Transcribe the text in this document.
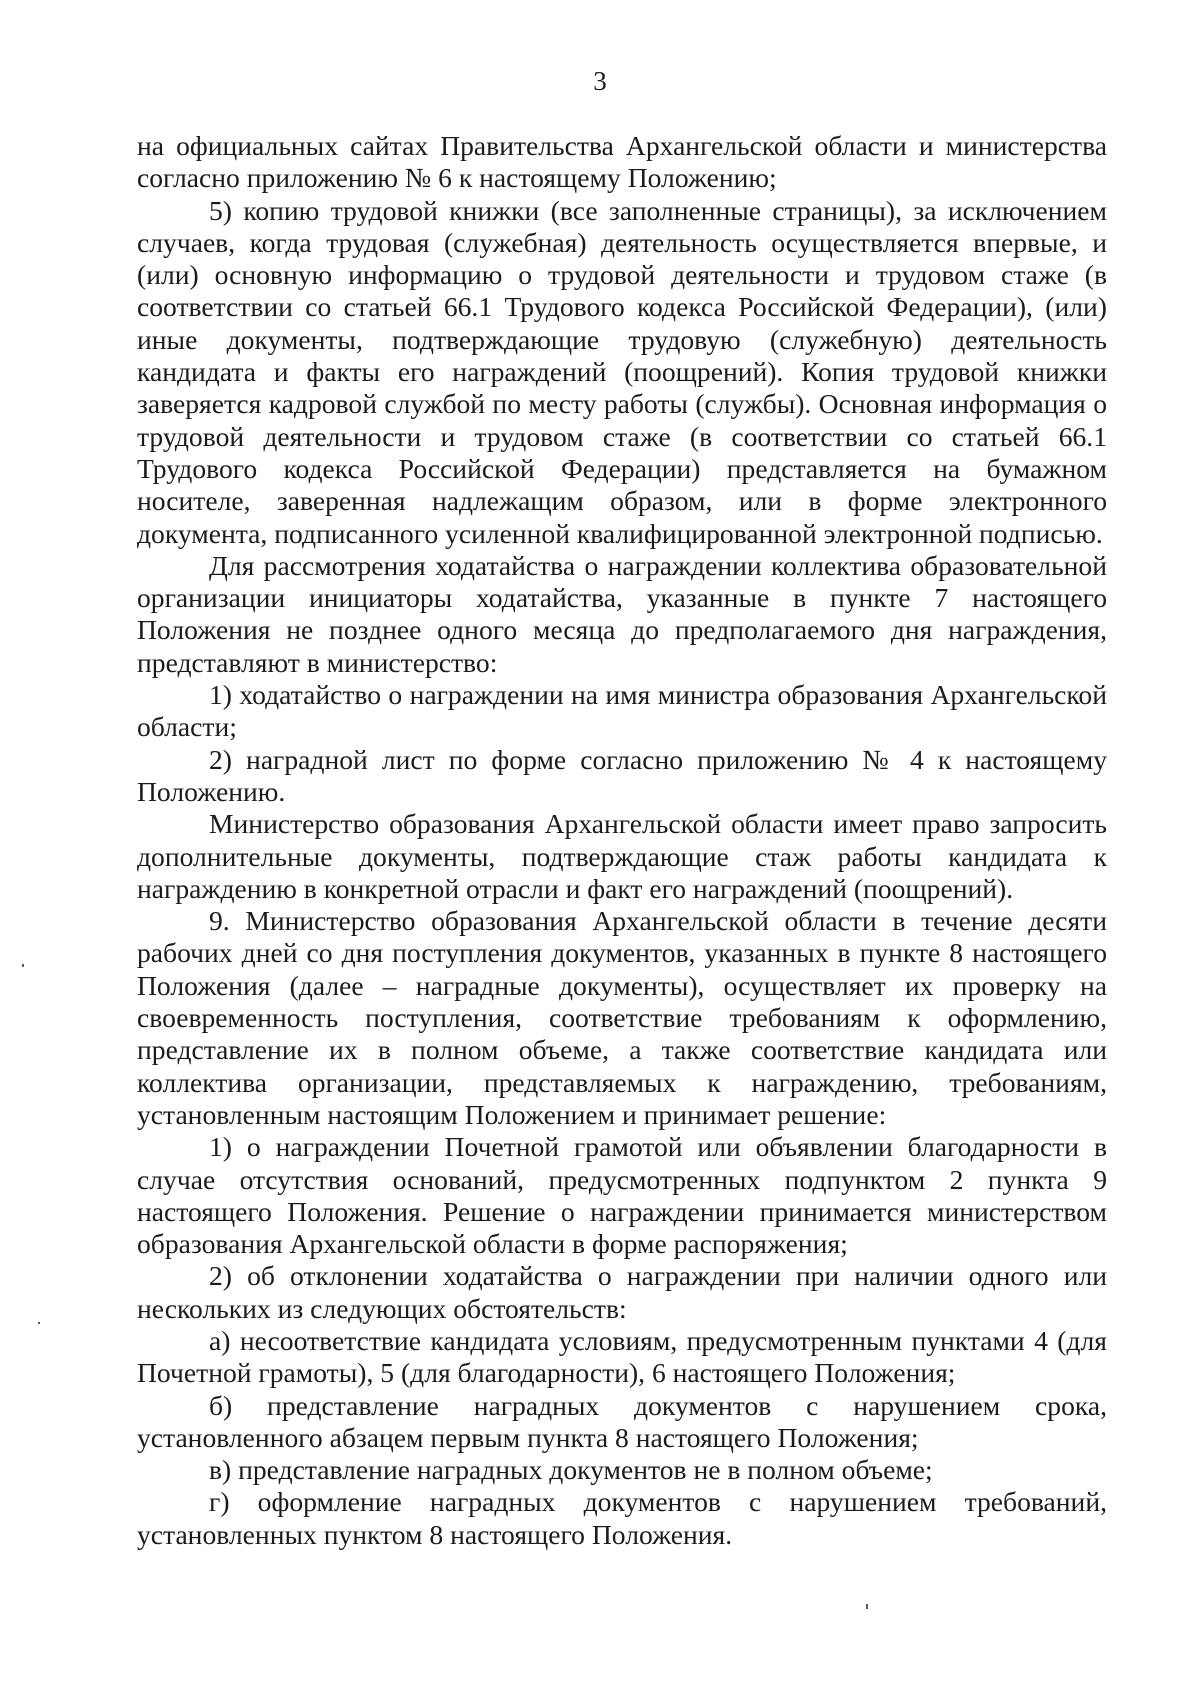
3

на официальных сайтах Правительства Архангельской области и министерства согласно приложению № 6 к настоящему Положению;

5) копию трудовой книжки (все заполненные страницы), за исключением случаев, когда трудовая (служебная) деятельность осуществляется впервые, и (или) основную информацию о трудовой деятельности и трудовом стаже (в соответствии со статьей 66.1 Трудового кодекса Российской Федерации), (или) иные документы, подтверждающие трудовую (служебную) деятельность кандидата и факты его награждений (поощрений). Копия трудовой книжки заверяется кадровой службой по месту работы (службы). Основная информация о трудовой деятельности и трудовом стаже (в соответствии со статьей 66.1 Трудового кодекса Российской Федерации) представляется на бумажном носителе, заверенная надлежащим образом, или в форме электронного документа, подписанного усиленной квалифицированной электронной подписью.

Для рассмотрения ходатайства о награждении коллектива образовательной организации инициаторы ходатайства, указанные в пункте 7 настоящего Положения не позднее одного месяца до предполагаемого дня награждения, представляют в министерство:

1) ходатайство о награждении на имя министра образования Архангельской области;

2) наградной лист по форме согласно приложению № 4 к настоящему Положению.

Министерство образования Архангельской области имеет право запросить дополнительные документы, подтверждающие стаж работы кандидата к награждению в конкретной отрасли и факт его награждений (поощрений).

9. Министерство образования Архангельской области в течение десяти рабочих дней со дня поступления документов, указанных в пункте 8 настоящего Положения (далее – наградные документы), осуществляет их проверку на своевременность поступления, соответствие требованиям к оформлению, представление их в полном объеме, а также соответствие кандидата или коллектива организации, представляемых к награждению, требованиям, установленным настоящим Положением и принимает решение:

1) о награждении Почетной грамотой или объявлении благодарности в случае отсутствия оснований, предусмотренных подпунктом 2 пункта 9 настоящего Положения. Решение о награждении принимается министерством образования Архангельской области в форме распоряжения;

2) об отклонении ходатайства о награждении при наличии одного или нескольких из следующих обстоятельств:

а) несоответствие кандидата условиям, предусмотренным пунктами 4 (для Почетной грамоты), 5 (для благодарности), 6 настоящего Положения;

б) представление наградных документов с нарушением срока, установленного абзацем первым пункта 8 настоящего Положения;

в) представление наградных документов не в полном объеме;

г) оформление наградных документов с нарушением требований, установленных пунктом 8 настоящего Положения.
